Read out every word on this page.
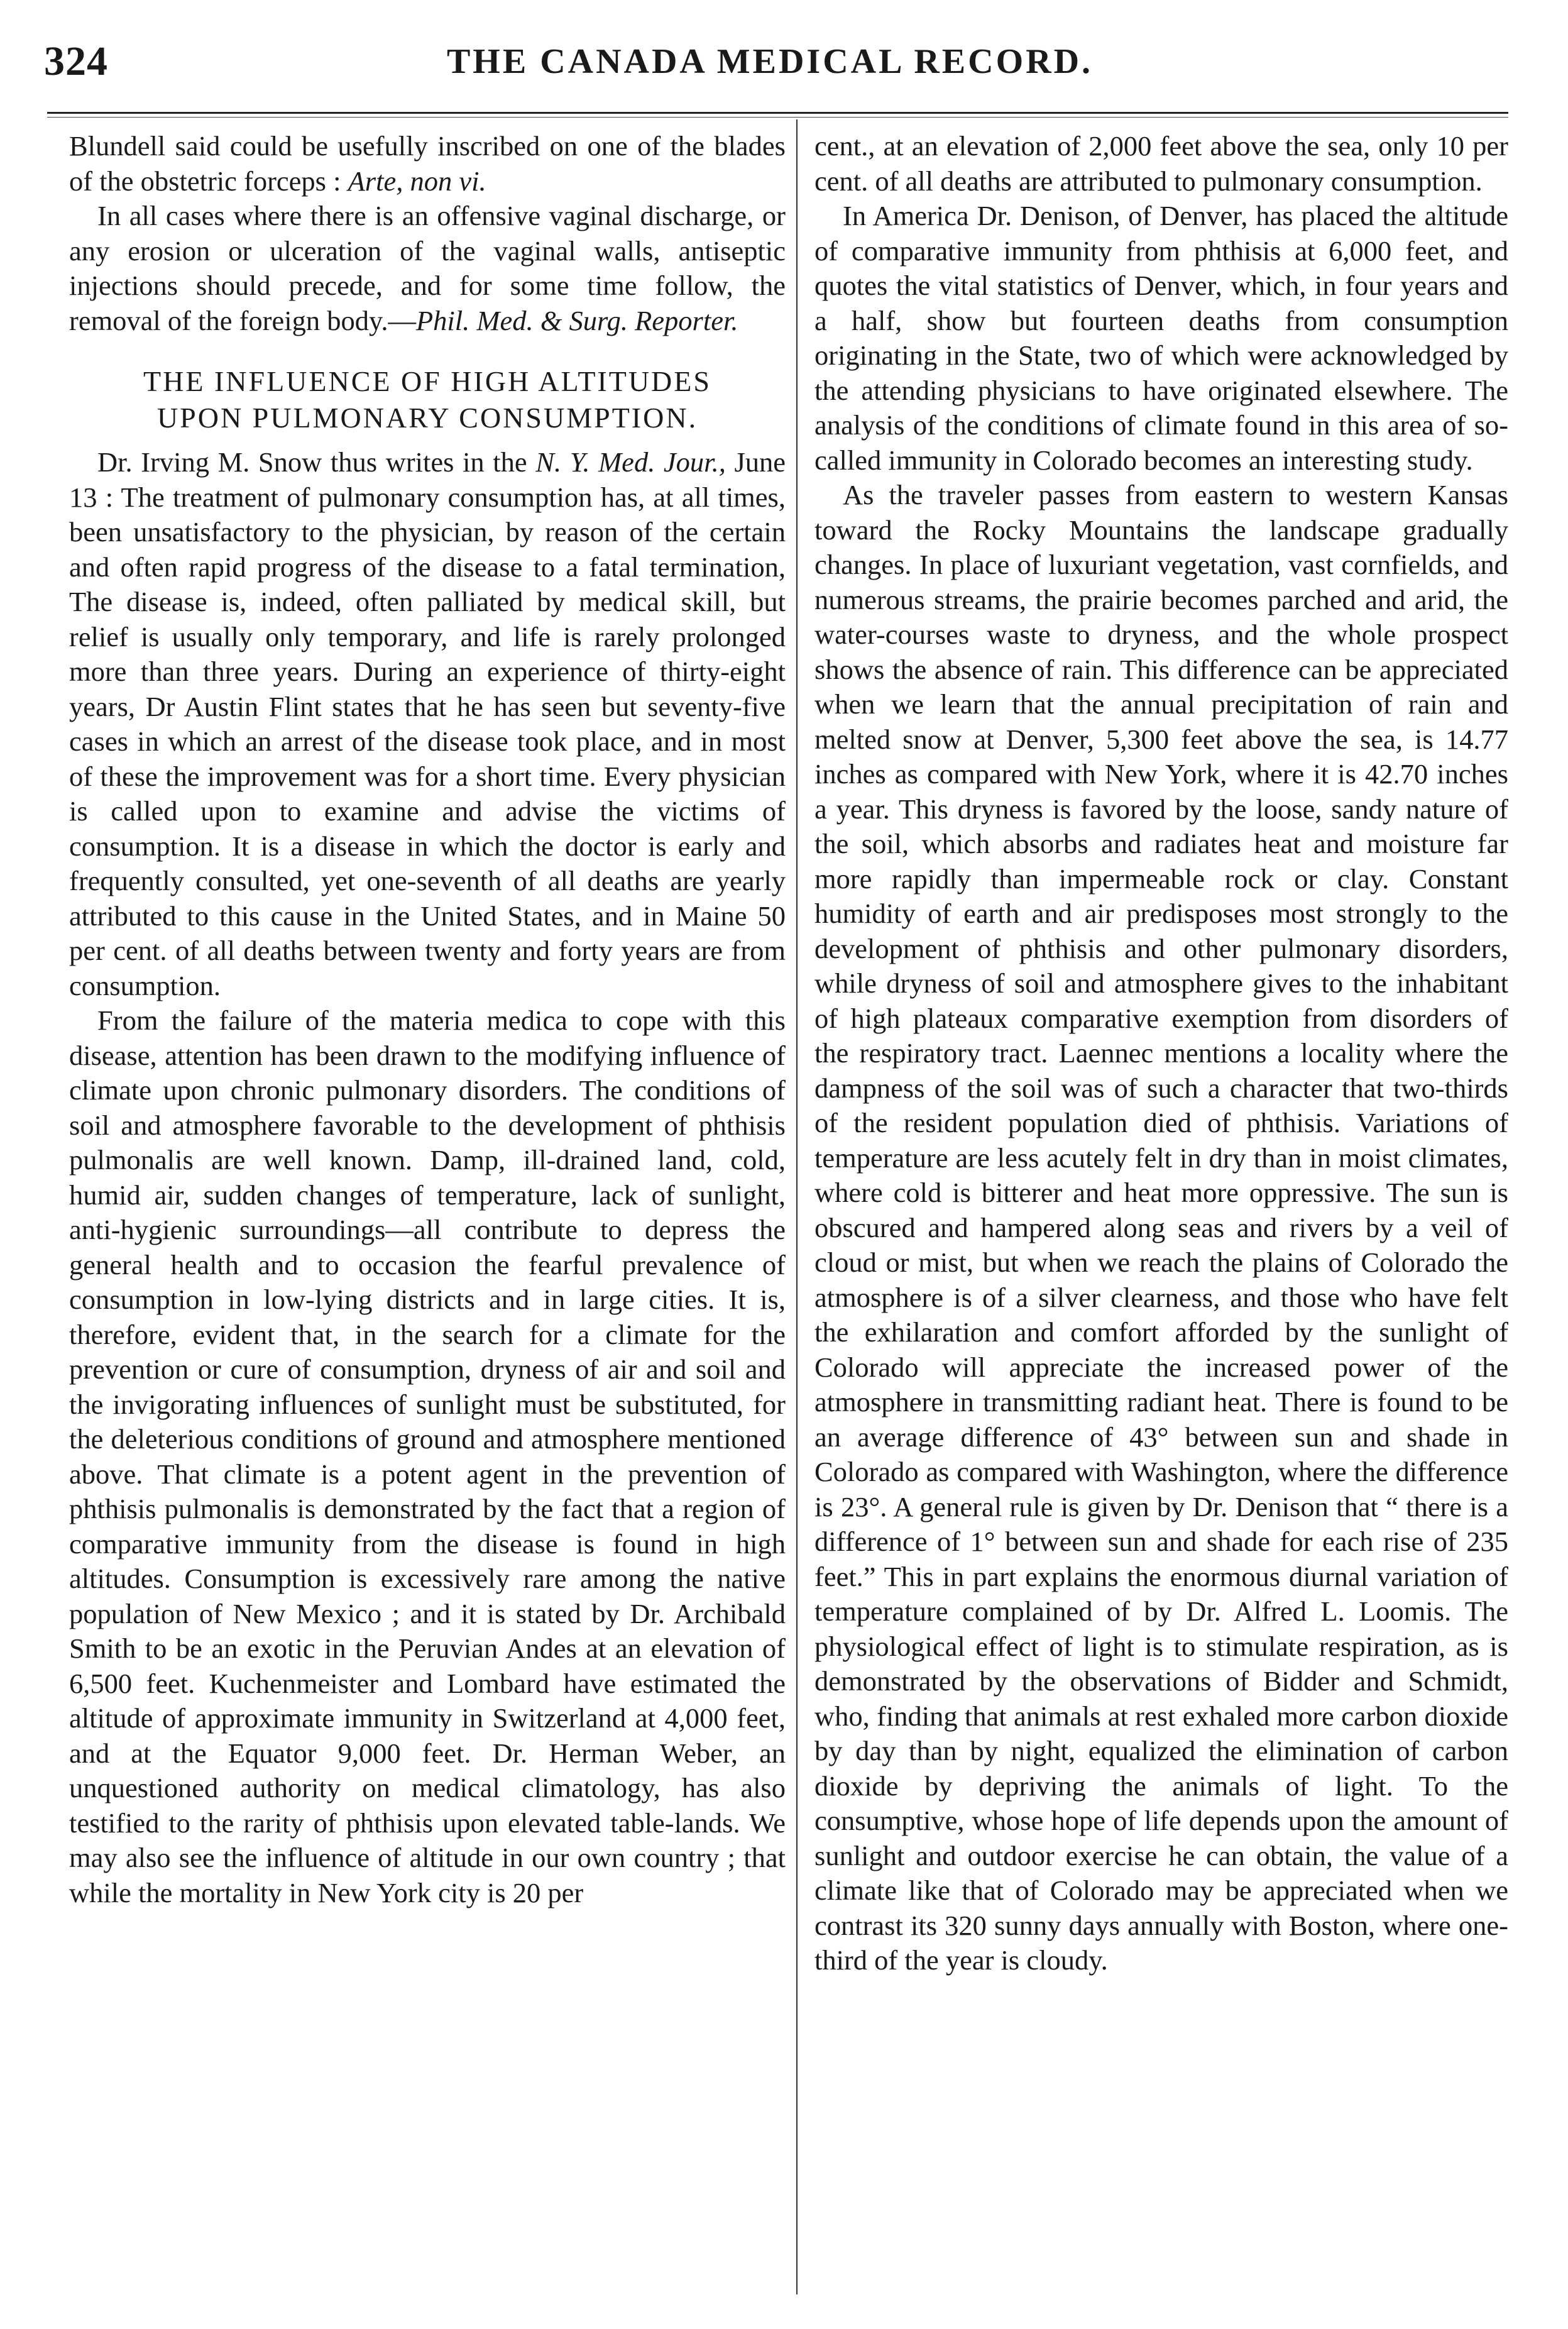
324	THE CANADA MEDICAL RECORD.

Blundell said could be usefully inscribed on one of the blades of the obstetric forceps : Arte, non vi.

In all cases where there is an offensive vaginal discharge, or any erosion or ulceration of the vaginal walls, antiseptic injections should precede, and for some time follow, the removal of the foreign body.—Phil. Med. & Surg. Reporter.

THE INFLUENCE OF HIGH ALTITUDES
UPON PULMONARY CONSUMPTION.

Dr. Irving M. Snow thus writes in the N. Y. Med. Jour., June 13 : The treatment of pulmonary consumption has, at all times, been unsatisfactory to the physician, by reason of the certain and often rapid progress of the disease to a fatal termination, The disease is, indeed, often palliated by medical skill, but relief is usually only temporary, and life is rarely prolonged more than three years. During an experience of thirty-eight years, Dr Austin Flint states that he has seen but seventy-five cases in which an arrest of the disease took place, and in most of these the improvement was for a short time. Every physician is called upon to examine and advise the victims of consumption. It is a disease in which the doctor is early and frequently consulted, yet one-seventh of all deaths are yearly attributed to this cause in the United States, and in Maine 50 per cent. of all deaths between twenty and forty years are from consumption.

From the failure of the materia medica to cope with this disease, attention has been drawn to the modifying influence of climate upon chronic pulmonary disorders. The conditions of soil and atmosphere favorable to the development of phthisis pulmonalis are well known. Damp, ill-drained land, cold, humid air, sudden changes of temperature, lack of sunlight, anti-hygienic surroundings—all contribute to depress the general health and to occasion the fearful prevalence of consumption in low-lying districts and in large cities. It is, therefore, evident that, in the search for a climate for the prevention or cure of consumption, dryness of air and soil and the invigorating influences of sunlight must be substituted, for the deleterious conditions of ground and atmosphere mentioned above. That climate is a potent agent in the prevention of phthisis pulmonalis is demonstrated by the fact that a region of comparative immunity from the disease is found in high altitudes. Consumption is excessively rare among the native population of New Mexico ; and it is stated by Dr. Archibald Smith to be an exotic in the Peruvian Andes at an elevation of 6,500 feet. Kuchenmeister and Lombard have estimated the altitude of approximate immunity in Switzerland at 4,000 feet, and at the Equator 9,000 feet. Dr. Herman Weber, an unquestioned authority on medical climatology, has also testified to the rarity of phthisis upon elevated table-lands. We may also see the influence of altitude in our own country ; that while the mortality in New York city is 20 per

cent., at an elevation of 2,000 feet above the sea, only 10 per cent. of all deaths are attributed to pulmonary consumption.

In America Dr. Denison, of Denver, has placed the altitude of comparative immunity from phthisis at 6,000 feet, and quotes the vital statistics of Denver, which, in four years and a half, show but fourteen deaths from consumption originating in the State, two of which were acknowledged by the attending physicians to have originated elsewhere. The analysis of the conditions of climate found in this area of so-called immunity in Colorado becomes an interesting study.

As the traveler passes from eastern to western Kansas toward the Rocky Mountains the landscape gradually changes. In place of luxuriant vegetation, vast cornfields, and numerous streams, the prairie becomes parched and arid, the water-courses waste to dryness, and the whole prospect shows the absence of rain. This difference can be appreciated when we learn that the annual precipitation of rain and melted snow at Denver, 5,300 feet above the sea, is 14.77 inches as compared with New York, where it is 42.70 inches a year. This dryness is favored by the loose, sandy nature of the soil, which absorbs and radiates heat and moisture far more rapidly than impermeable rock or clay. Constant humidity of earth and air predisposes most strongly to the development of phthisis and other pulmonary disorders, while dryness of soil and atmosphere gives to the inhabitant of high plateaux comparative exemption from disorders of the respiratory tract. Laennec mentions a locality where the dampness of the soil was of such a character that two-thirds of the resident population died of phthisis. Variations of temperature are less acutely felt in dry than in moist climates, where cold is bitterer and heat more oppressive. The sun is obscured and hampered along seas and rivers by a veil of cloud or mist, but when we reach the plains of Colorado the atmosphere is of a silver clearness, and those who have felt the exhilaration and comfort afforded by the sunlight of Colorado will appreciate the increased power of the atmosphere in transmitting radiant heat. There is found to be an average difference of 43° between sun and shade in Colorado as compared with Washington, where the difference is 23°. A general rule is given by Dr. Denison that “ there is a difference of 1° between sun and shade for each rise of 235 feet.” This in part explains the enormous diurnal variation of temperature complained of by Dr. Alfred L. Loomis. The physiological effect of light is to stimulate respiration, as is demonstrated by the observations of Bidder and Schmidt, who, finding that animals at rest exhaled more carbon dioxide by day than by night, equalized the elimination of carbon dioxide by depriving the animals of light. To the consumptive, whose hope of life depends upon the amount of sunlight and outdoor exercise he can obtain, the value of a climate like that of Colorado may be appreciated when we contrast its 320 sunny days annually with Boston, where one-third of the year is cloudy.
